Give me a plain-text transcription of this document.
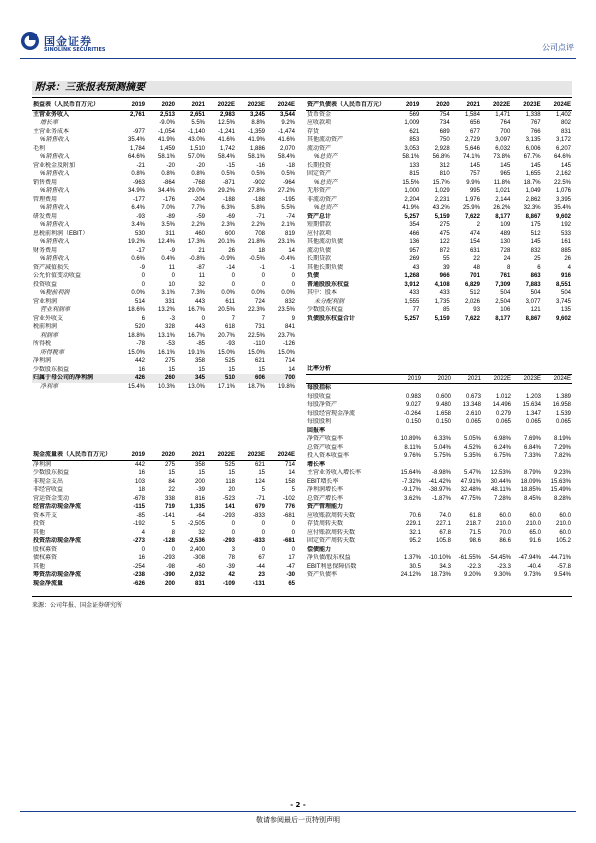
国金证券
SINOLINK SECURITIES	公司点评
附录：三张报表预测摘要
损益表（人民币百万元）	2019	2020	2021	2022E	2023E	2024E
主营业务收入	2,761	2,513	2,651	2,983	3,245	3,544
增长率		-9.0%	5.5%	12.5%	8.8%	9.2%
主营业务成本	-977	-1,054	-1,140	-1,241	-1,359	-1,474
%销售收入	35.4%	41.9%	43.0%	41.6%	41.9%	41.6%
毛利	1,784	1,459	1,510	1,742	1,886	2,070
%销售收入	64.6%	58.1%	57.0%	58.4%	58.1%	58.4%
营业税金及附加	-21	-20	-20	-15	-16	-18
%销售收入	0.8%	0.8%	0.8%	0.5%	0.5%	0.5%
销售费用	-963	-864	-768	-871	-902	-964
%销售收入	34.9%	34.4%	29.0%	29.2%	27.8%	27.2%
管理费用	-177	-176	-204	-188	-188	-195
%销售收入	6.4%	7.0%	7.7%	6.3%	5.8%	5.5%
研发费用	-93	-89	-59	-69	-71	-74
%销售收入	3.4%	3.5%	2.2%	2.3%	2.2%	2.1%
息税前利润（EBIT）	530	311	460	600	708	819
%销售收入	19.2%	12.4%	17.3%	20.1%	21.8%	23.1%
财务费用	-17	-9	21	26	18	14
%销售收入	0.6%	0.4%	-0.8%	-0.9%	-0.5%	-0.4%
资产减值损失	-9	11	-87	-14	-1	-1
公允价值变动收益	0	0	11	0	0	0
投资收益	0	10	32	0	0	0
%税前利润	0.0%	3.1%	7.3%	0.0%	0.0%	0.0%
营业利润	514	331	443	611	724	832
营业利润率	18.6%	13.2%	16.7%	20.5%	22.3%	23.5%
营业外收支	6	-3	0	7	7	9
税前利润	520	328	443	618	731	841
利润率	18.8%	13.1%	16.7%	20.7%	22.5%	23.7%
所得税	-78	-53	-85	-93	-110	-126
所得税率	15.0%	16.1%	19.1%	15.0%	15.0%	15.0%
净利润	442	275	358	525	621	714
少数股东损益	16	15	15	15	15	14
归属于母公司的净利润	426	260	345	510	606	700
净利率	15.4%	10.3%	13.0%	17.1%	18.7%	19.8%
资产负债表（人民币百万元）	2019	2020	2021	2022E	2023E	2024E
货币资金	569	754	1,584	1,471	1,338	1,402
应收款项	1,009	734	656	764	767	802
存货	621	689	677	700	766	831
其他流动资产	853	750	2,729	3,097	3,135	3,172
流动资产	3,053	2,928	5,646	6,032	6,006	6,207
%总资产	58.1%	56.8%	74.1%	73.8%	67.7%	64.6%
长期投资	133	312	145	145	145	145
固定资产	815	810	757	965	1,655	2,162
%总资产	15.5%	15.7%	9.9%	11.8%	18.7%	22.5%
无形资产	1,000	1,029	995	1,021	1,049	1,076
非流动资产	2,204	2,231	1,976	2,144	2,862	3,395
%总资产	41.9%	43.2%	25.9%	26.2%	32.3%	35.4%
资产总计	5,257	5,159	7,622	8,177	8,867	9,602
短期借款	354	275	2	109	175	192
应付款项	466	475	474	489	512	533
其他流动负债	136	122	154	130	145	161
流动负债	957	872	631	728	832	885
长期贷款	269	55	22	24	25	26
其他长期负债	43	39	48	8	6	4
负债	1,268	966	701	761	863	916
普通股股东权益	3,912	4,108	6,829	7,309	7,883	8,551
其中：股本	433	433	512	504	504	504
未分配利润	1,555	1,735	2,026	2,504	3,077	3,745
少数股东权益	77	85	93	106	121	135
负债股东权益合计	5,257	5,159	7,622	8,177	8,867	9,602
比率分析						
	2019	2020	2021	2022E	2023E	2024E
每股指标						
每股收益	0.983	0.600	0.673	1.012	1.203	1.389
每股净资产	9.027	9.480	13.348	14.496	15.634	16.958
每股经营现金净流	-0.264	1.658	2.610	0.279	1.347	1.539
每股股利	0.150	0.150	0.065	0.065	0.065	0.065
回报率						
净资产收益率	10.89%	6.33%	5.05%	6.98%	7.69%	8.19%
总资产收益率	8.11%	5.04%	4.52%	6.24%	6.84%	7.29%
投入资本收益率	9.76%	5.75%	5.35%	6.75%	7.33%	7.82%
增长率						
主营业务收入增长率	15.64%	-8.98%	5.47%	12.53%	8.79%	9.23%
EBIT增长率	-7.32%	-41.42%	47.91%	30.44%	18.09%	15.63%
净利润增长率	-9.17%	-38.97%	32.48%	48.11%	18.85%	15.49%
总资产增长率	3.62%	-1.87%	47.75%	7.28%	8.45%	8.28%
资产管理能力						
应收账款周转天数	70.6	74.0	61.8	60.0	60.0	60.0
存货周转天数	229.1	227.1	218.7	210.0	210.0	210.0
应付账款周转天数	32.1	67.8	71.5	70.0	65.0	60.0
固定资产周转天数	95.2	105.8	98.6	86.6	91.6	105.2
偿债能力						
净负债/股东权益	1.37%	-10.10%	-61.55%	-54.45%	-47.94%	-44.71%
EBIT利息保障倍数	30.5	34.3	-22.3	-23.3	-40.4	-57.8
资产负债率	24.12%	18.73%	9.20%	9.30%	9.73%	9.54%
现金流量表（人民币百万元）	2019	2020	2021	2022E	2023E	2024E
净利润	442	275	358	525	621	714
少数股东损益	16	15	15	15	15	14
非现金支出	103	84	200	118	124	158
非经营收益	18	22	-39	20	5	5
营运资金变动	-678	338	816	-523	-71	-102
经营活动现金净流	-115	719	1,335	141	679	776
资本开支	-85	-141	-64	-293	-833	-681
投资	-192	5	-2,505	0	0	0
其他	4	8	32	0	0	0
投资活动现金净流	-273	-128	-2,536	-293	-833	-681
股权募资	0	0	2,400	3	0	0
债权募资	16	-293	-308	78	67	17
其他	-254	-98	-60	-39	-44	-47
筹资活动现金净流	-238	-390	2,032	42	23	-30
现金净流量	-626	200	831	-109	-131	65
来源：公司年报、国金证券研究所
- 2 -
敬请参阅最后一页特别声明
